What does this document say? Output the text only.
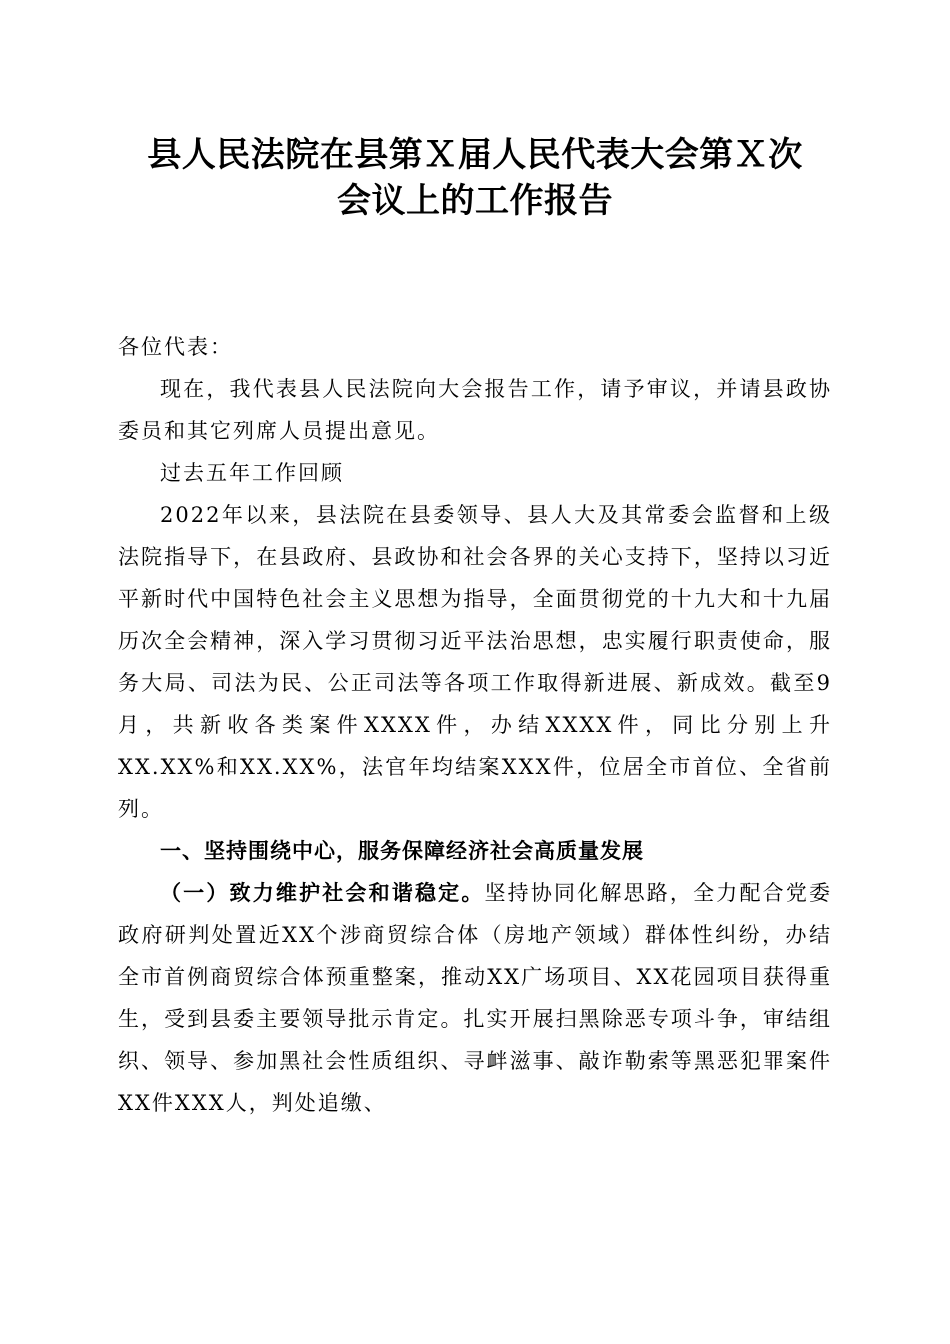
县人民法院在县第Ｘ届人民代表大会第Ｘ次
会议上的工作报告

各位代表：

现在，我代表县人民法院向大会报告工作，请予审议，并请县政协委员和其它列席人员提出意见。

过去五年工作回顾

2022年以来，县法院在县委领导、县人大及其常委会监督和上级法院指导下，在县政府、县政协和社会各界的关心支持下，坚持以习近平新时代中国特色社会主义思想为指导，全面贯彻党的十九大和十九届历次全会精神，深入学习贯彻习近平法治思想，忠实履行职责使命，服务大局、司法为民、公正司法等各项工作取得新进展、新成效。截至9月，共新收各类案件XXXX件，办结XXXX件，同比分别上升XX.XX%和XX.XX%，法官年均结案XXX件，位居全市首位、全省前列。

一、坚持围绕中心，服务保障经济社会高质量发展

（一）致力维护社会和谐稳定。坚持协同化解思路，全力配合党委政府研判处置近XX个涉商贸综合体（房地产领域）群体性纠纷，办结全市首例商贸综合体预重整案，推动XX广场项目、XX花园项目获得重生，受到县委主要领导批示肯定。扎实开展扫黑除恶专项斗争，审结组织、领导、参加黑社会性质组织、寻衅滋事、敲诈勒索等黑恶犯罪案件XX件XXX人，判处追缴、
